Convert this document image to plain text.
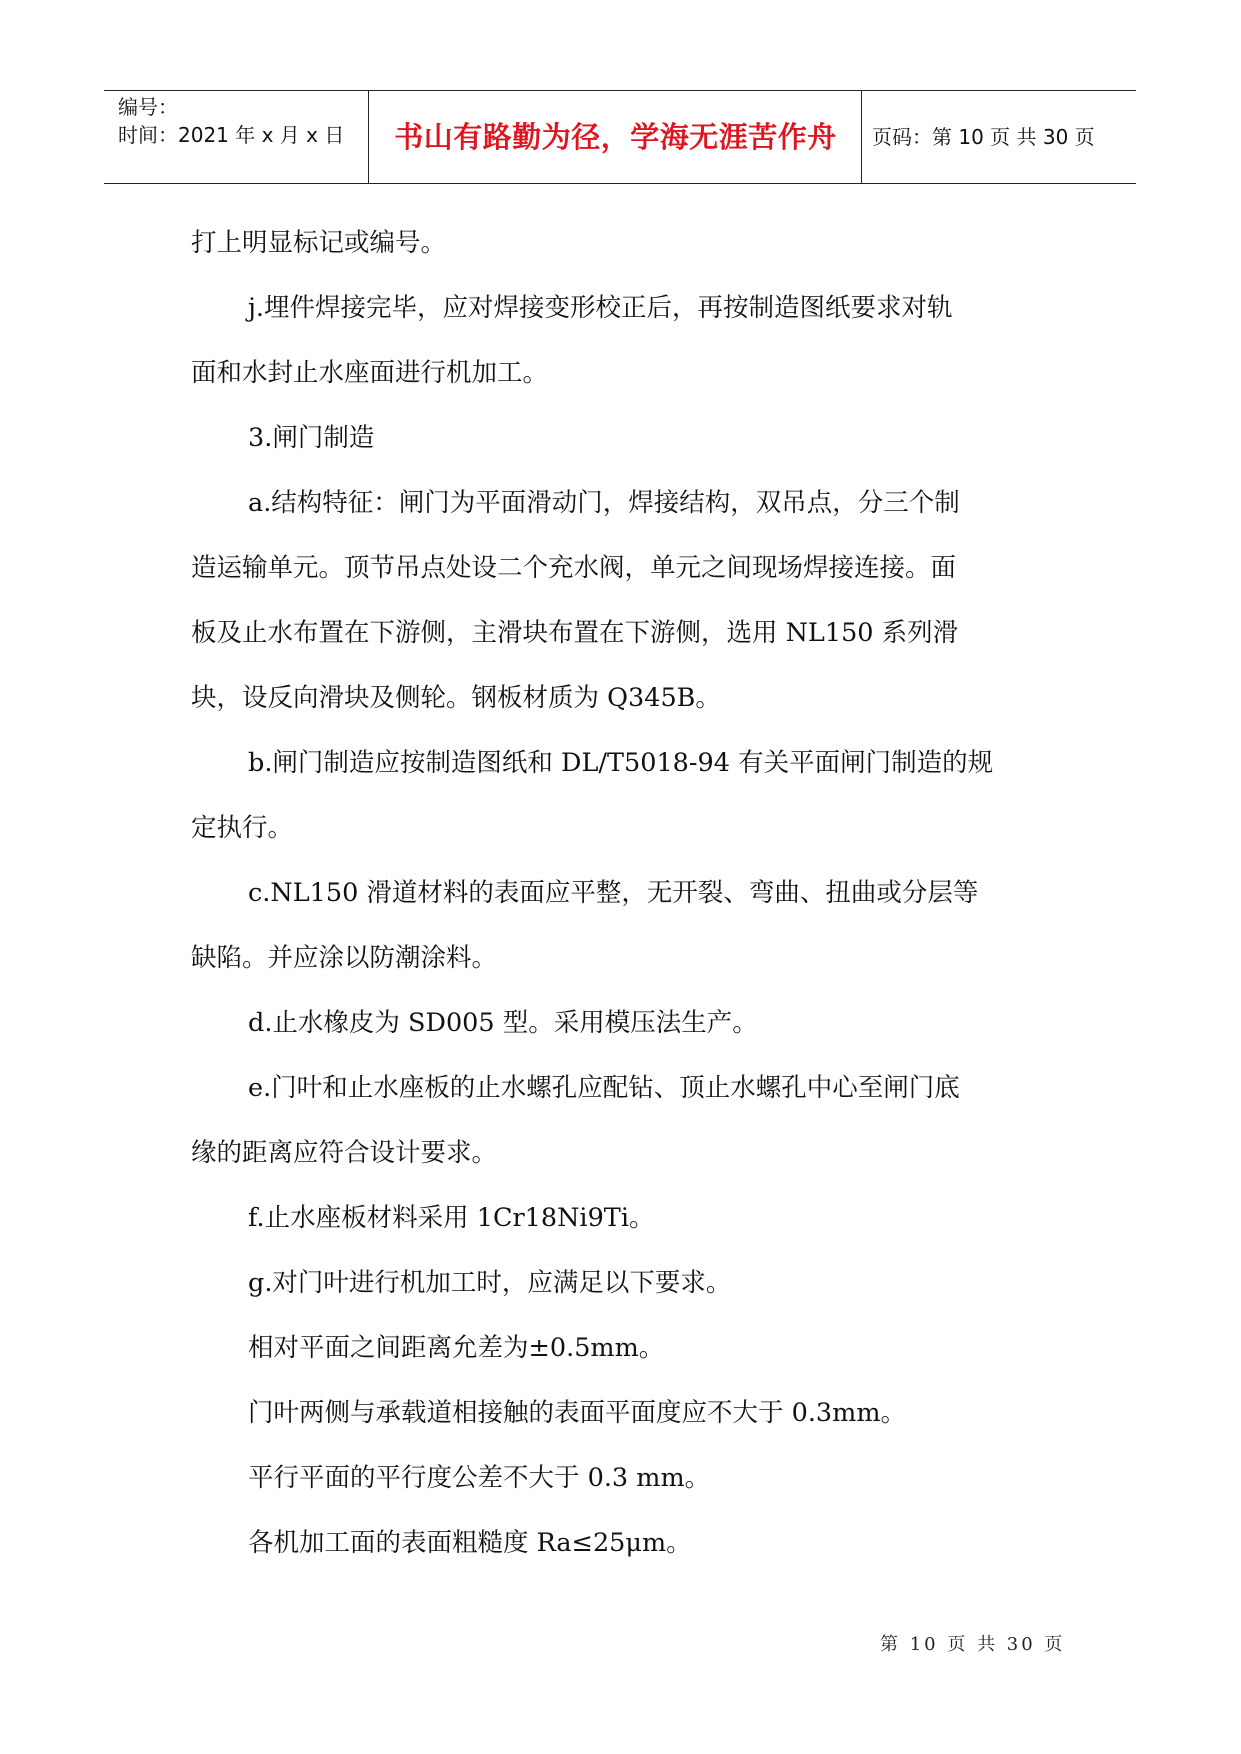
编号：
时间：2021 年 x 月 x 日	书山有路勤为径，学海无涯苦作舟	页码：第 10 页 共 30 页
打上明显标记或编号。
j.埋件焊接完毕，应对焊接变形校正后，再按制造图纸要求对轨
面和水封止水座面进行机加工。
3.闸门制造
a.结构特征：闸门为平面滑动门，焊接结构，双吊点，分三个制
造运输单元。顶节吊点处设二个充水阀，单元之间现场焊接连接。面
板及止水布置在下游侧，主滑块布置在下游侧，选用 NL150 系列滑
块，设反向滑块及侧轮。钢板材质为 Q345B。
b.闸门制造应按制造图纸和 DL/T5018-94 有关平面闸门制造的规
定执行。
c.NL150 滑道材料的表面应平整，无开裂、弯曲、扭曲或分层等
缺陷。并应涂以防潮涂料。
d.止水橡皮为 SD005 型。采用模压法生产。
e.门叶和止水座板的止水螺孔应配钻、顶止水螺孔中心至闸门底
缘的距离应符合设计要求。
f.止水座板材料采用 1Cr18Ni9Ti。
g.对门叶进行机加工时，应满足以下要求。
相对平面之间距离允差为±0.5mm。
门叶两侧与承载道相接触的表面平面度应不大于 0.3mm。
平行平面的平行度公差不大于 0.3 mm。
各机加工面的表面粗糙度 Ra≤25μm。
第 10 页 共 30 页
